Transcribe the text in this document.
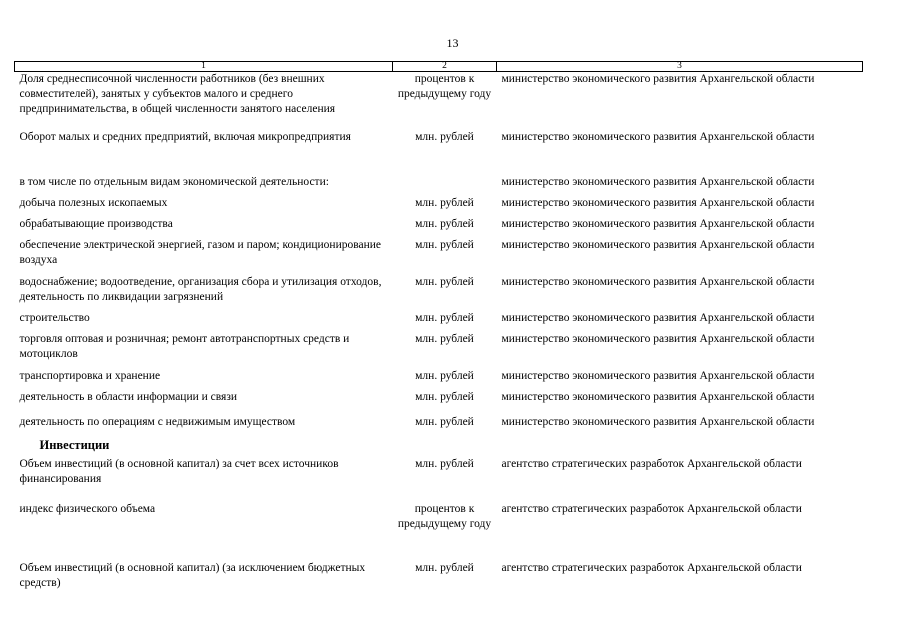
13
1	2	3
Доля среднесписочной численности работников (без внешних совместителей), занятых у субъектов малого и среднего предпринимательства, в общей численности занятого населения	процентов к предыдущему году	министерство экономического развития Архангельской области
Оборот малых и средних предприятий, включая микропредприятия	млн. рублей	министерство экономического развития Архангельской области
в том числе по отдельным видам экономической деятельности:		министерство экономического развития Архангельской области
добыча полезных ископаемых	млн. рублей	министерство экономического развития Архангельской области
обрабатывающие производства	млн. рублей	министерство экономического развития Архангельской области
обеспечение электрической энергией, газом и паром; кондиционирование воздуха	млн. рублей	министерство экономического развития Архангельской области
водоснабжение; водоотведение, организация сбора и утилизация отходов, деятельность по ликвидации загрязнений	млн. рублей	министерство экономического развития Архангельской области
строительство	млн. рублей	министерство экономического развития Архангельской области
торговля оптовая и розничная; ремонт автотранспортных средств и мотоциклов	млн. рублей	министерство экономического развития Архангельской области
транспортировка и хранение	млн. рублей	министерство экономического развития Архангельской области
деятельность в области информации и связи	млн. рублей	министерство экономического развития Архангельской области
деятельность по операциям с недвижимым имуществом	млн. рублей	министерство экономического развития Архангельской области
Инвестиции		
Объем инвестиций (в основной капитал) за счет всех источников финансирования	млн. рублей	агентство стратегических разработок Архангельской области
индекс физического объема	процентов к предыдущему году	агентство стратегических разработок Архангельской области
Объем инвестиций (в основной капитал) (за исключением бюджетных средств)	млн. рублей	агентство стратегических разработок Архангельской области
